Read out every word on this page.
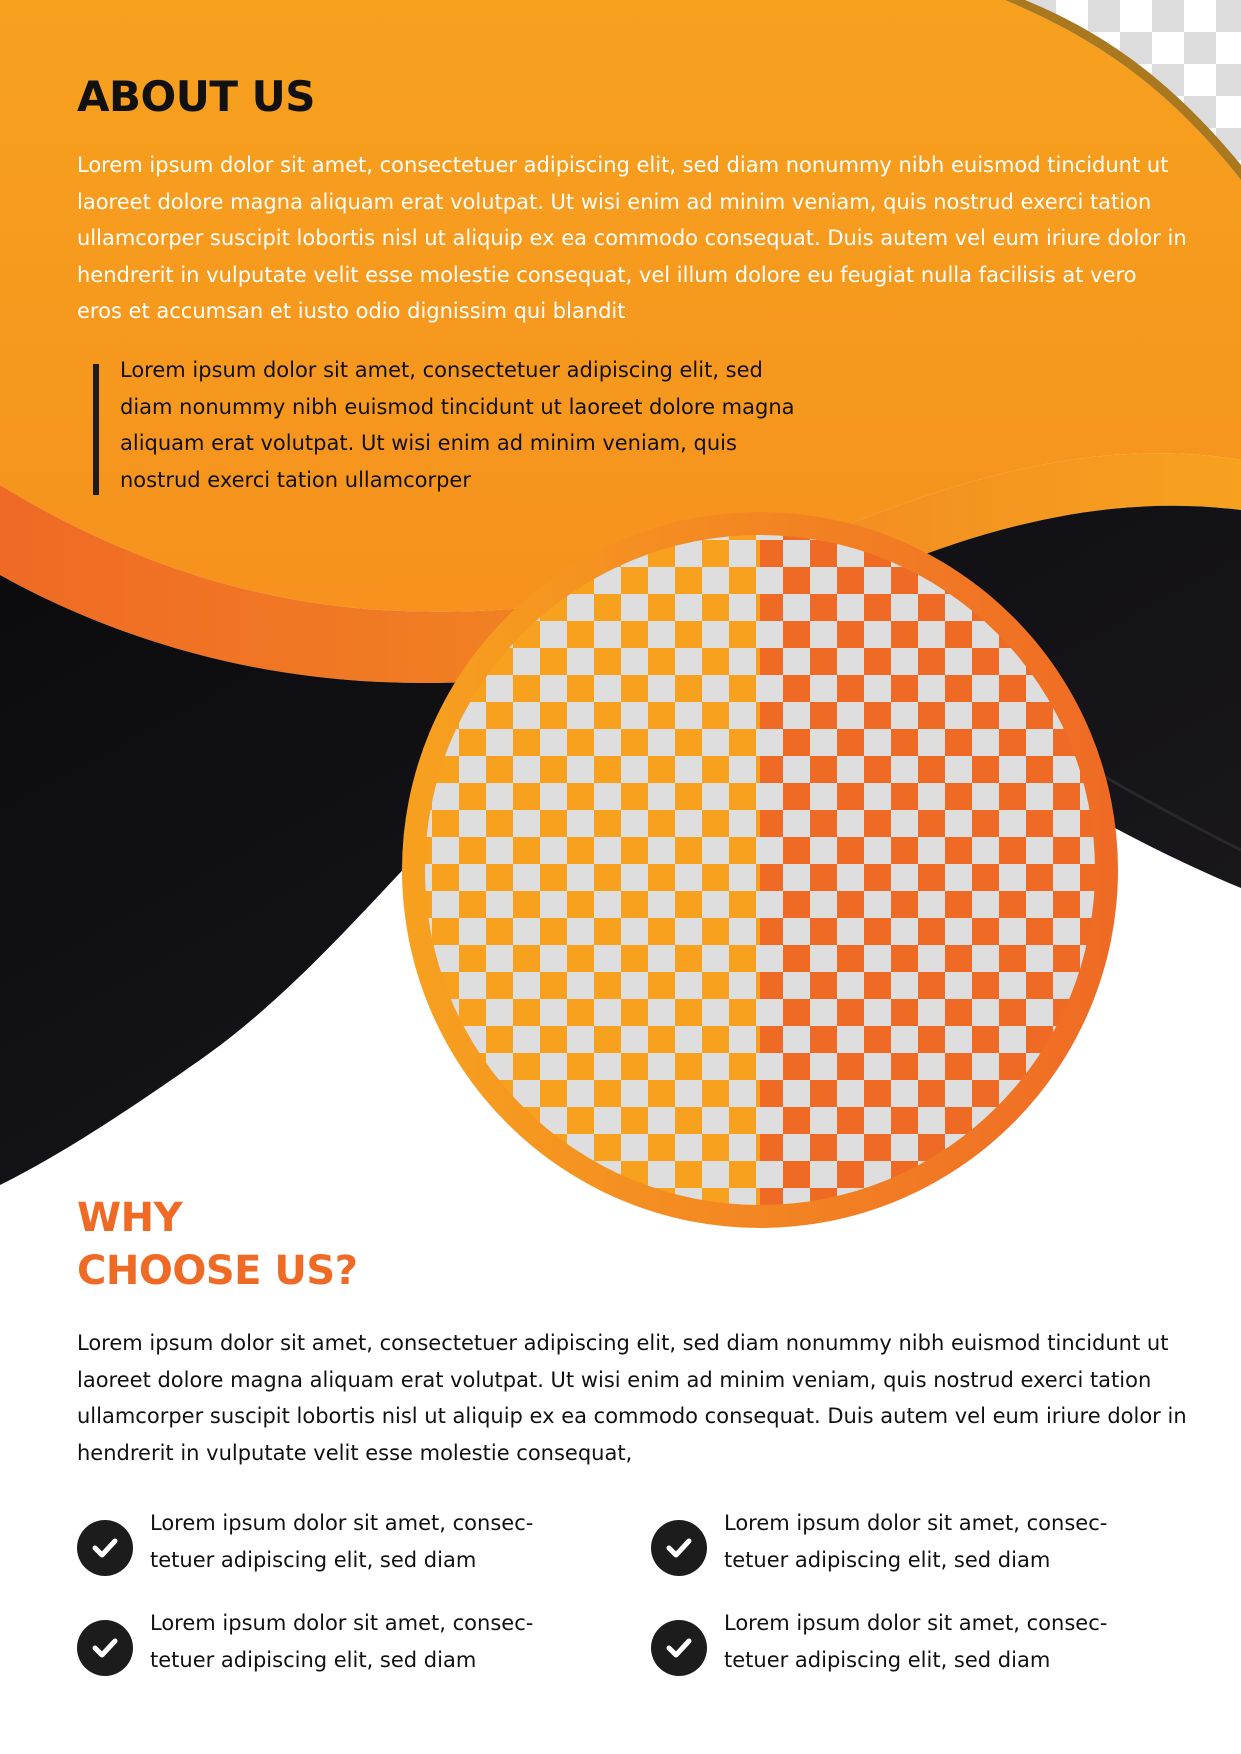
ABOUT US

Lorem ipsum dolor sit amet, consectetuer adipiscing elit, sed diam nonummy nibh euismod tincidunt ut laoreet dolore magna aliquam erat volutpat. Ut wisi enim ad minim veniam, quis nostrud exerci tation ullamcorper suscipit lobortis nisl ut aliquip ex ea commodo consequat. Duis autem vel eum iriure dolor in hendrerit in vulputate velit esse molestie consequat, vel illum dolore eu feugiat nulla facilisis at vero eros et accumsan et iusto odio dignissim qui blandit

Lorem ipsum dolor sit amet, consectetuer adipiscing elit, sed diam nonummy nibh euismod tincidunt ut laoreet dolore magna aliquam erat volutpat. Ut wisi enim ad minim veniam, quis nostrud exerci tation ullamcorper

WHY
CHOOSE US?

Lorem ipsum dolor sit amet, consectetuer adipiscing elit, sed diam nonummy nibh euismod tincidunt ut laoreet dolore magna aliquam erat volutpat. Ut wisi enim ad minim veniam, quis nostrud exerci tation ullamcorper suscipit lobortis nisl ut aliquip ex ea commodo consequat. Duis autem vel eum iriure dolor in hendrerit in vulputate velit esse molestie consequat,

Lorem ipsum dolor sit amet, consec-tetuer adipiscing elit, sed diam

Lorem ipsum dolor sit amet, consec-tetuer adipiscing elit, sed diam

Lorem ipsum dolor sit amet, consec-tetuer adipiscing elit, sed diam

Lorem ipsum dolor sit amet, consec-tetuer adipiscing elit, sed diam
